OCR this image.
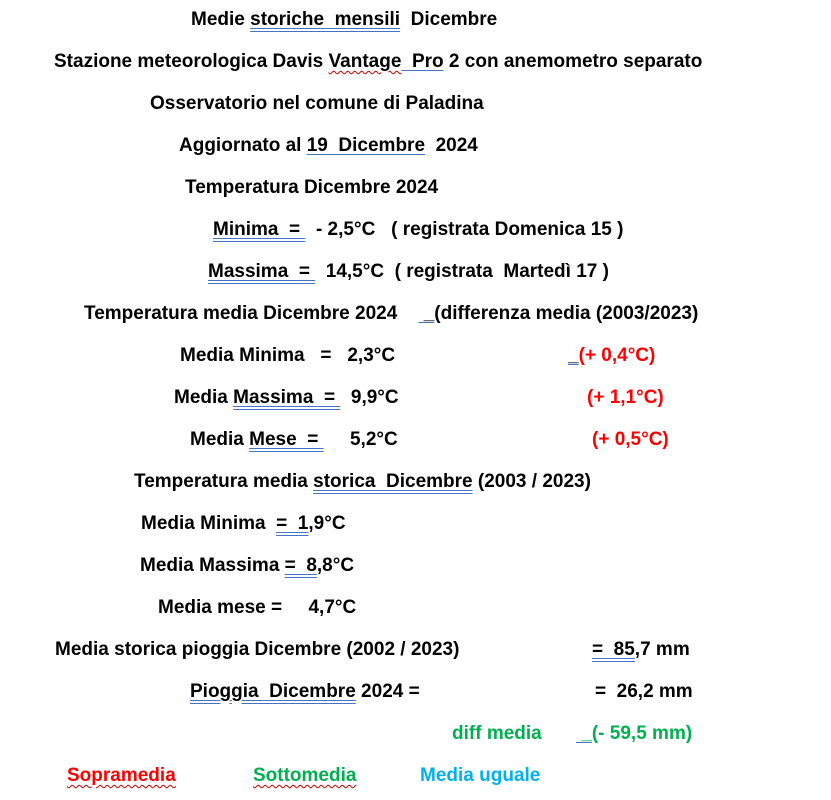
Medie storiche  mensili  Dicembre
Stazione meteorologica Davis Vantage  Pro 2 con anemometro separato
Osservatorio nel comune di Paladina
Aggiornato al 19  Dicembre  2024
Temperatura Dicembre 2024
Minima  =   - 2,5°C   ( registrata Domenica 15 )
Massima  =   14,5°C  ( registrata  Martedì 17 )
Temperatura media Dicembre 2024     _(differenza media (2003/2023)
Media Minima   =   2,3°C	_(+ 0,4°C)
Media Massima  =   9,9°C	(+ 1,1°C)
Media Mese  =      5,2°C	(+ 0,5°C)
Temperatura media storica  Dicembre (2003 / 2023)
Media Minima  =  1,9°C
Media Massima =  8,8°C
Media mese =     4,7°C
Media storica pioggia Dicembre (2002 / 2023)	=  85,7 mm
Pioggia  Dicembre 2024 =	=  26,2 mm
diff media _(- 59,5 mm)
Sopramedia	Sottomedia	Media uguale
